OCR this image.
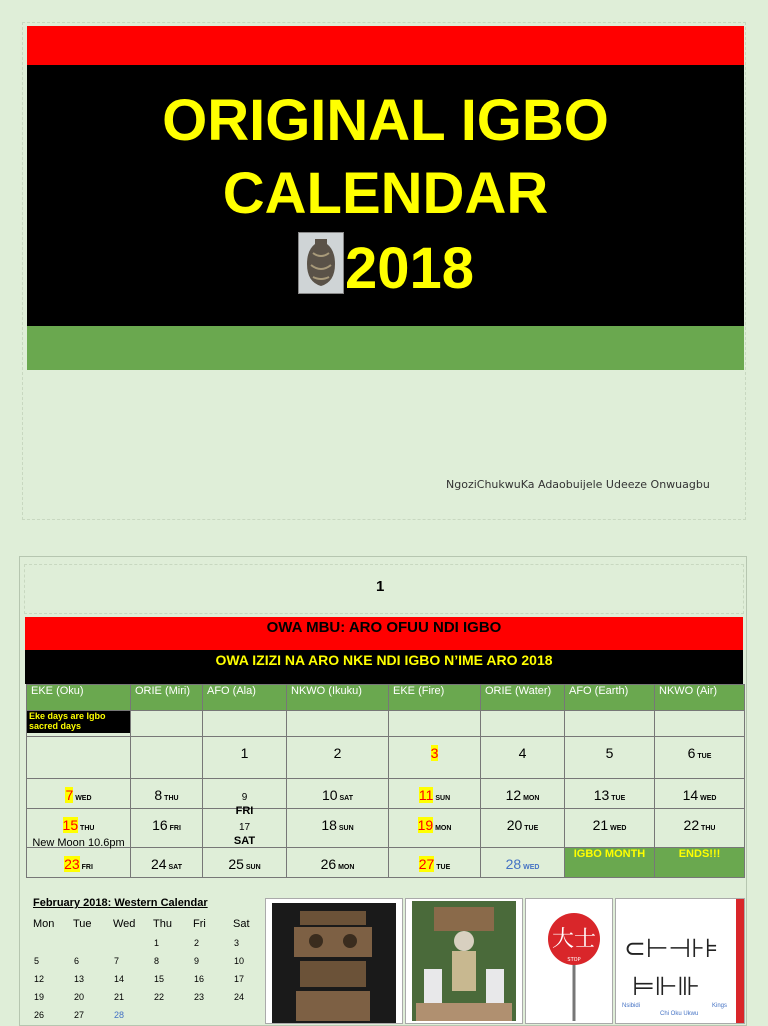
ORIGINAL IGBO
CALENDAR
2018
NgoziChukwuKa Adaobuijele Udeeze Onwuagbu
1
OWA MBU: ARO OFUU NDI IGBO
OWA IZIZI NA ARO NKE NDI IGBO N’IME ARO 2018
EKE (Oku)	ORIE (Miri)	AFO (Ala)	NKWO (Ikuku)	EKE (Fire)	ORIE (Water)	AFO (Earth)	NKWO (Air)

Eke days are Igbo sacred days							

		1	2	3	4	5	6 TUE

7 WED	8 THU	9
FRI	10 SAT	11 SUN	12 MON	13 TUE	14 WED

15 THU
New Moon 10.6pm	16 FRI	17
SAT	18 SUN	19 MON	20 TUE	21 WED	22 THU

23 FRI	24 SAT	25 SUN	26 MON	27 TUE	28 WED	IGBO MONTH	ENDS!!!
February 2018: Western Calendar
Mon	Tue	Wed	Thu	Fri	Sat	
			1	2	3	
5	6	7	8	9	10	
12	13	14	15	16	17	
19	20	21	22	23	24	
26	27	28				
大士
STOP ⊂⊢⊣⊦⊧
⊨⊩⊪
Nsibidi
Chi Oku Ukwu
Kings
